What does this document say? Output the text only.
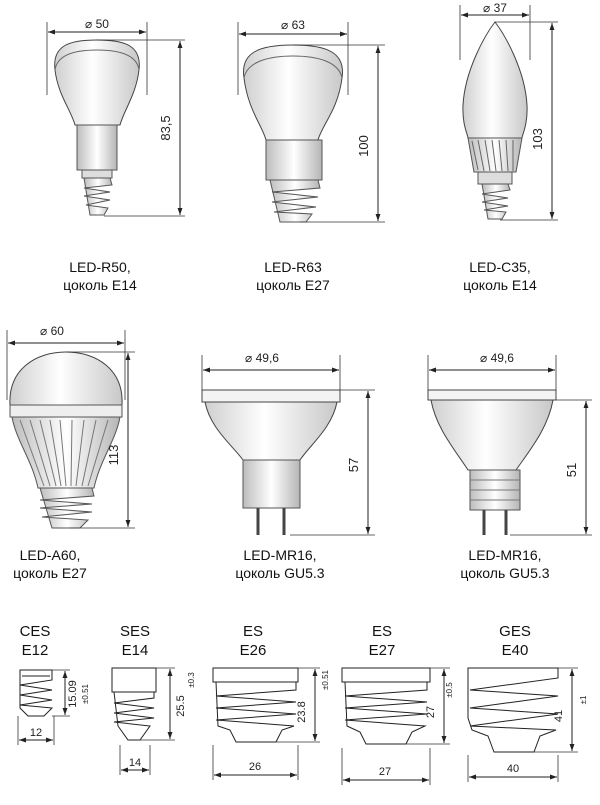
⌀ 50
83,5
⌀ 63
100
⌀ 37
103
⌀ 60
113
⌀ 49,6
57
⌀ 49,6
51
12
15.09 ±0.51
14
25.5
±0.3
26
23.8
±0.51
27
27
±0.5
40
41
±1
LED-R50,
цоколь E14
LED-R63
цоколь E27
LED-C35,
цоколь E14
LED-A60,
цоколь E27
LED-MR16,
цоколь GU5.3
LED-MR16,
цоколь GU5.3
CES
E12
SES
E14
ES
E26
ES
E27
GES
E40
